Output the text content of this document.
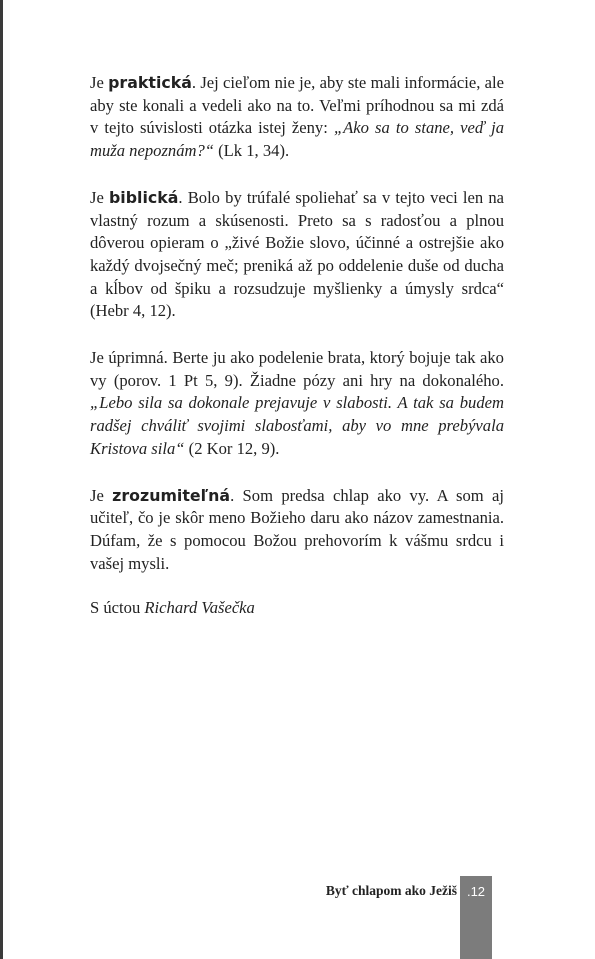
Je praktická. Jej cieľom nie je, aby ste mali informácie, ale aby ste konali a vedeli ako na to. Veľmi príhodnou sa mi zdá v tejto súvislosti otázka istej ženy: „Ako sa to stane, veď ja muža nepoznám?“ (Lk 1, 34).

Je biblická. Bolo by trúfalé spoliehať sa v tejto veci len na vlastný rozum a skúsenosti. Preto sa s radosťou a plnou dôverou opieram o „živé Božie slovo, účinné a ostrejšie ako každý dvojsečný meč; preniká až po oddelenie duše od ducha a kĺbov od špiku a rozsudzuje myšlienky a úmysly srdca“ (Hebr 4, 12).

Je úprimná. Berte ju ako podelenie brata, ktorý bojuje tak ako vy (porov. 1 Pt 5, 9). Žiadne pózy ani hry na dokonalého. „Lebo sila sa dokonale prejavuje v slabosti. A tak sa budem radšej chváliť svojimi slabosťami, aby vo mne prebývala Kristova sila“ (2 Kor 12, 9).

Je zrozumiteľná. Som predsa chlap ako vy. A som aj učiteľ, čo je skôr meno Božieho daru ako názov zamestnania. Dúfam, že s pomocou Božou prehovorím k vášmu srdcu i vašej mysli.

S úctou Richard Vašečka

Byť chlapom ako Ježiš .12
